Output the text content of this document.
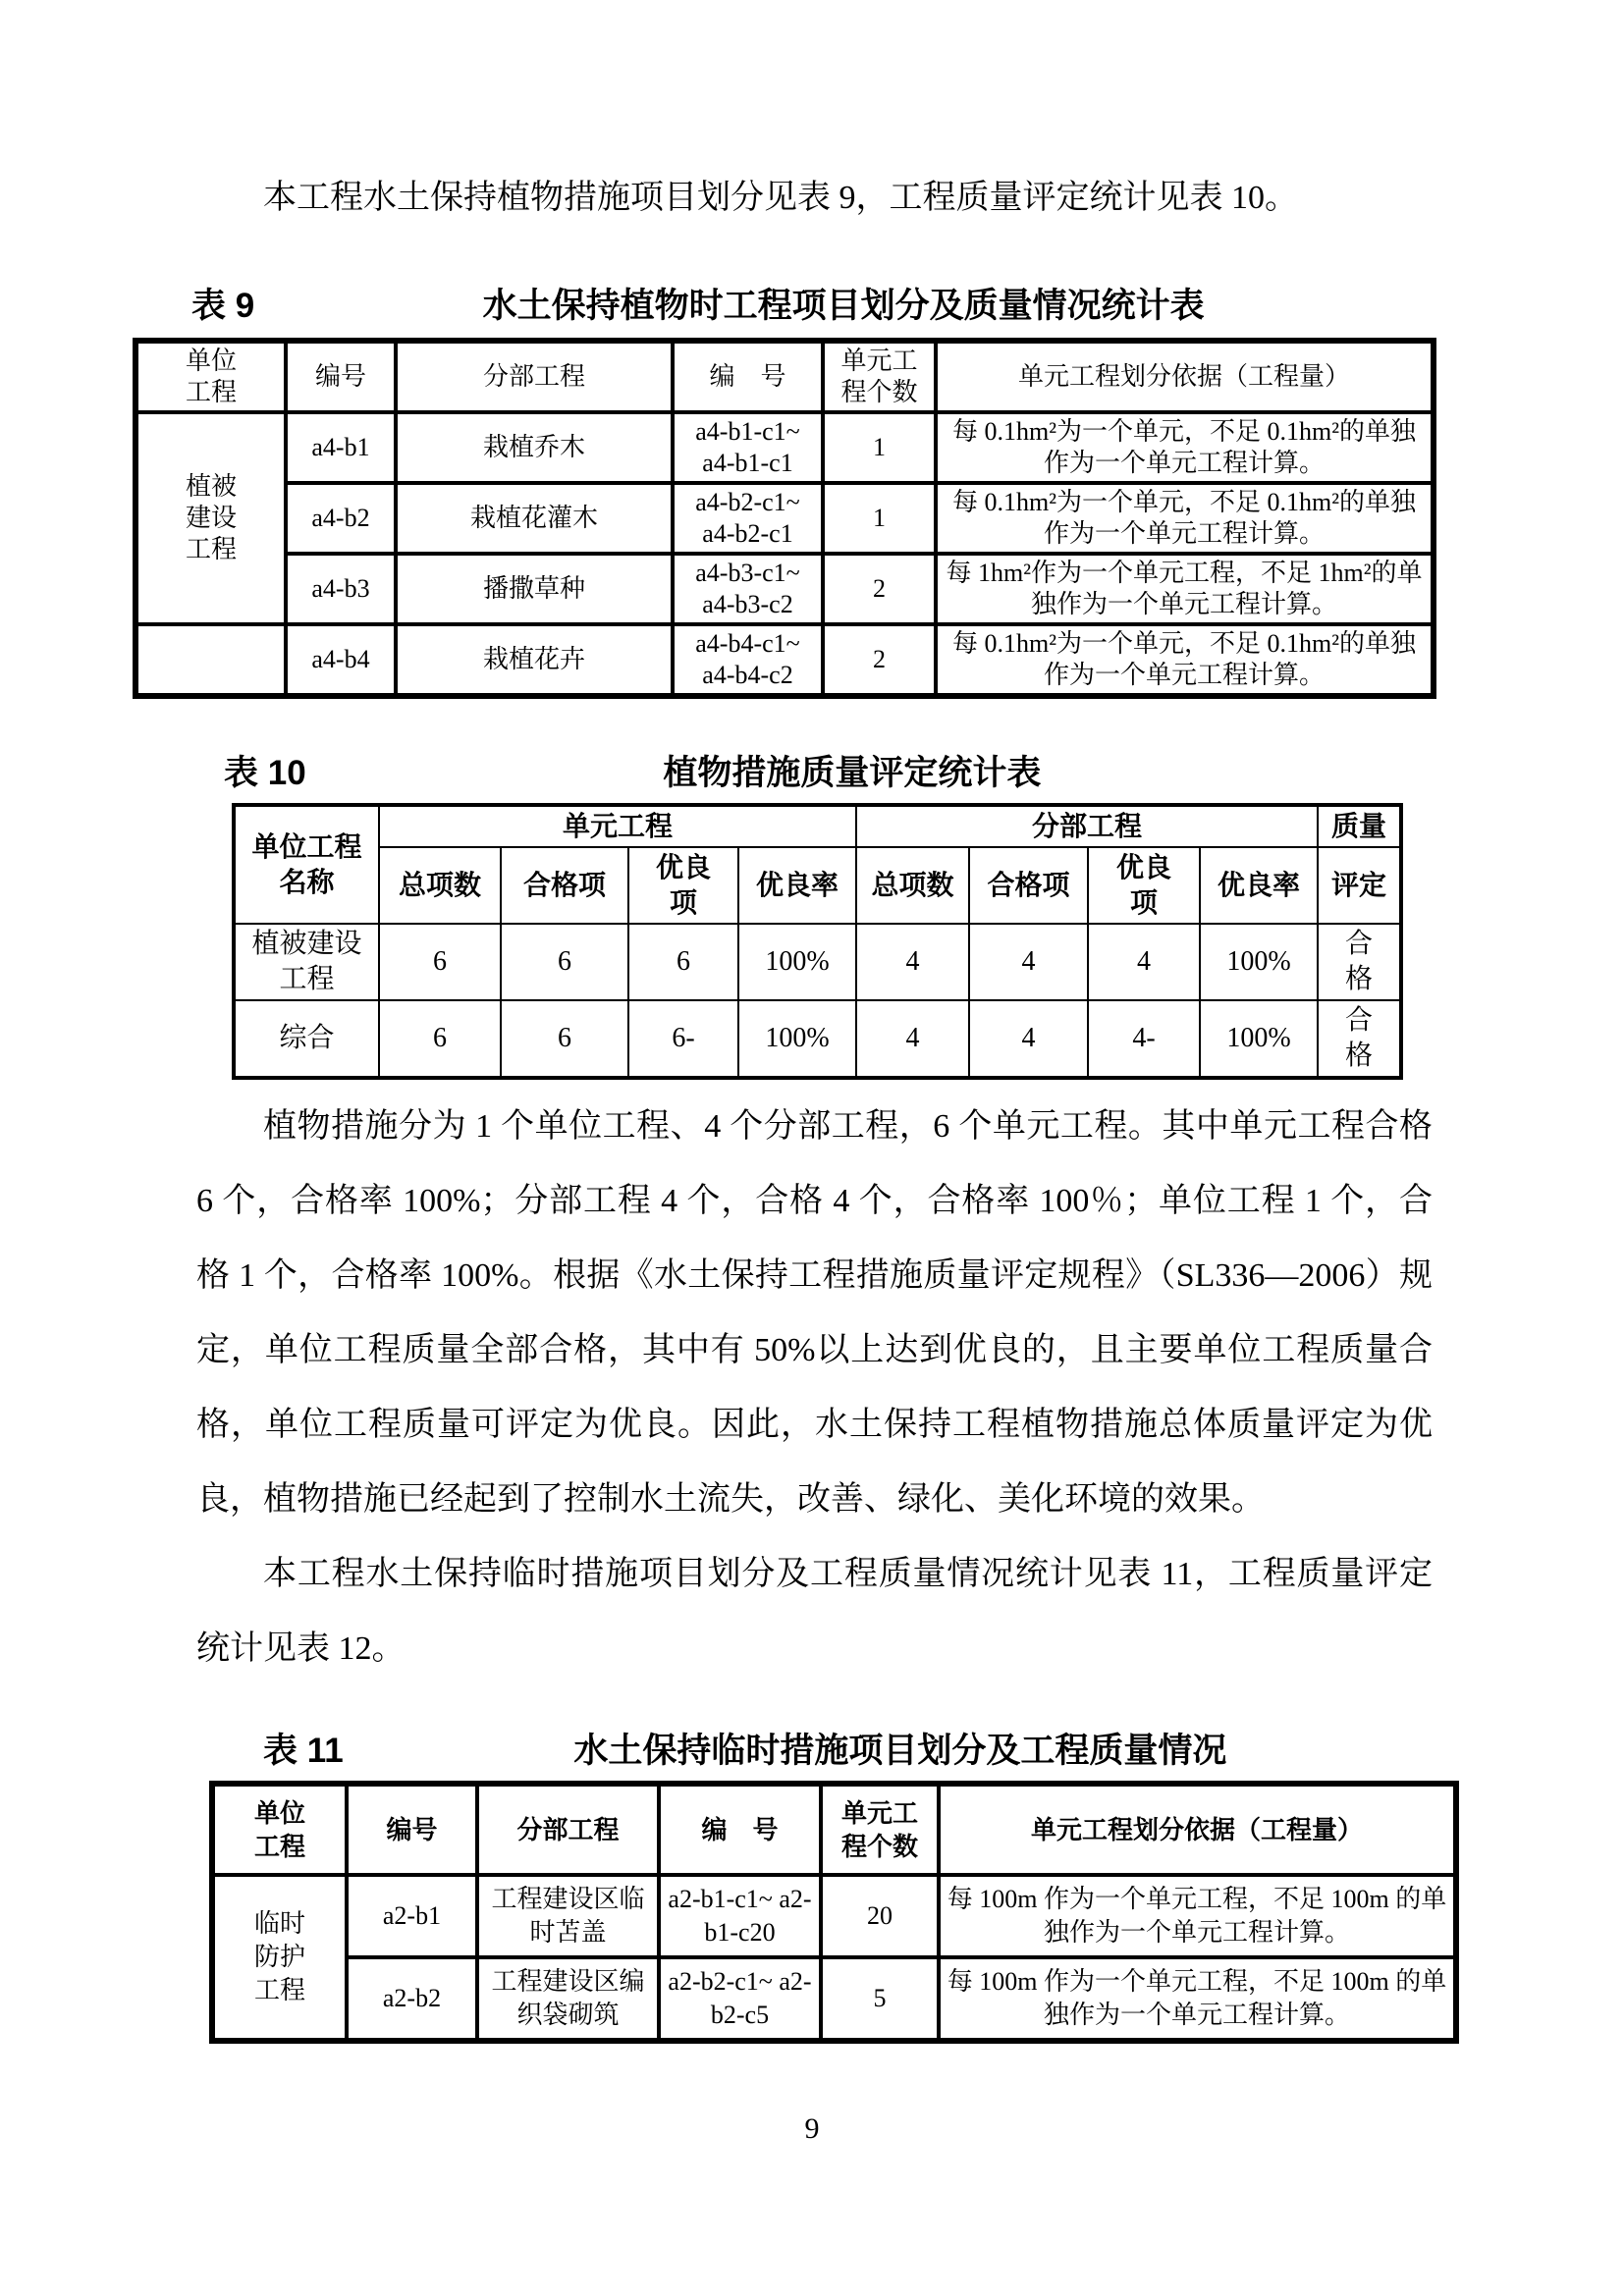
本工程水土保持植物措施项目划分见表 9，工程质量评定统计见表 10。

表 9	水土保持植物时工程项目划分及质量情况统计表
单位工程	编号	分部工程	编　号	单元工程个数	单元工程划分依据（工程量）
植被建设工程	a4-b1	栽植乔木	a4-b1-c1~ a4-b1-c1	1	每 0.1hm²为一个单元，不足 0.1hm²的单独作为一个单元工程计算。
	a4-b2	栽植花灌木	a4-b2-c1~ a4-b2-c1	1	每 0.1hm²为一个单元，不足 0.1hm²的单独作为一个单元工程计算。
	a4-b3	播撒草种	a4-b3-c1~ a4-b3-c2	2	每 1hm²作为一个单元工程，不足 1hm²的单独作为一个单元工程计算。
	a4-b4	栽植花卉	a4-b4-c1~ a4-b4-c2	2	每 0.1hm²为一个单元，不足 0.1hm²的单独作为一个单元工程计算。
表 10	植物措施质量评定统计表
单位工程名称	单元工程				分部工程				质量
	总项数	合格项	优良项	优良率	总项数	合格项	优良项	优良率	评定
植被建设工程	6	6	6	100%	4	4	4	100%	合格
综合	6	6	6-	100%	4	4	4-	100%	合格

植物措施分为 1 个单位工程、4 个分部工程，6 个单元工程。其中单元工程合格 6 个，合格率 100%；分部工程 4 个，合格 4 个，合格率 100％；单位工程 1 个，合格 1 个，合格率 100%。根据《水土保持工程措施质量评定规程》（SL336—2006）规定，单位工程质量全部合格，其中有 50%以上达到优良的，且主要单位工程质量合格，单位工程质量可评定为优良。因此，水土保持工程植物措施总体质量评定为优良，植物措施已经起到了控制水土流失，改善、绿化、美化环境的效果。

本工程水土保持临时措施项目划分及工程质量情况统计见表 11，工程质量评定统计见表 12。

表 11	水土保持临时措施项目划分及工程质量情况
单位工程	编号	分部工程	编　号	单元工程个数	单元工程划分依据（工程量）
临时防护工程	a2-b1	工程建设区临时苫盖	a2-b1-c1~ a2-b1-c20	20	每 100m 作为一个单元工程，不足 100m 的单独作为一个单元工程计算。
	a2-b2	工程建设区编织袋砌筑	a2-b2-c1~ a2-b2-c5	5	每 100m 作为一个单元工程，不足 100m 的单独作为一个单元工程计算。
9
